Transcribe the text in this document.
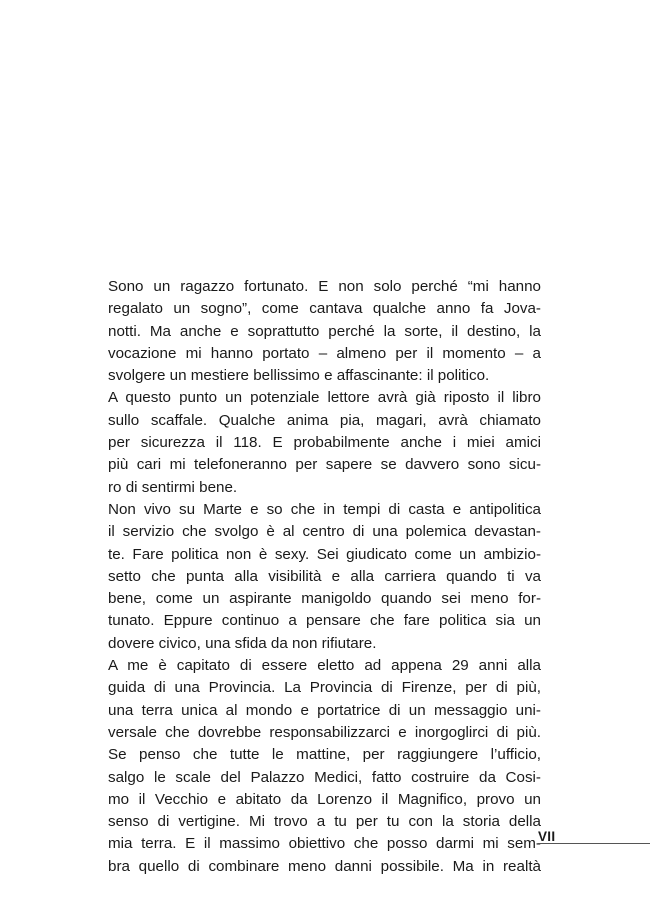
Sono un ragazzo fortunato. E non solo perché “mi hanno
regalato un sogno”, come cantava qualche anno fa Jova-
notti. Ma anche e soprattutto perché la sorte, il destino, la
vocazione mi hanno portato – almeno per il momento – a
svolgere un mestiere bellissimo e affascinante: il politico.
A questo punto un potenziale lettore avrà già riposto il libro
sullo scaffale. Qualche anima pia, magari, avrà chiamato
per sicurezza il 118. E probabilmente anche i miei amici
più cari mi telefoneranno per sapere se davvero sono sicu-
ro di sentirmi bene.
Non vivo su Marte e so che in tempi di casta e antipolitica
il servizio che svolgo è al centro di una polemica devastan-
te. Fare politica non è sexy. Sei giudicato come un ambizio-
setto che punta alla visibilità e alla carriera quando ti va
bene, come un aspirante manigoldo quando sei meno for-
tunato. Eppure continuo a pensare che fare politica sia un
dovere civico, una sfida da non rifiutare.
A me è capitato di essere eletto ad appena 29 anni alla
guida di una Provincia. La Provincia di Firenze, per di più,
una terra unica al mondo e portatrice di un messaggio uni-
versale che dovrebbe responsabilizzarci e inorgoglirci di più.
Se penso che tutte le mattine, per raggiungere l’ufficio,
salgo le scale del Palazzo Medici, fatto costruire da Cosi-
mo il Vecchio e abitato da Lorenzo il Magnifico, provo un
senso di vertigine. Mi trovo a tu per tu con la storia della
mia terra. E il massimo obiettivo che posso darmi mi sem-
bra quello di combinare meno danni possibile. Ma in realtà
VII
